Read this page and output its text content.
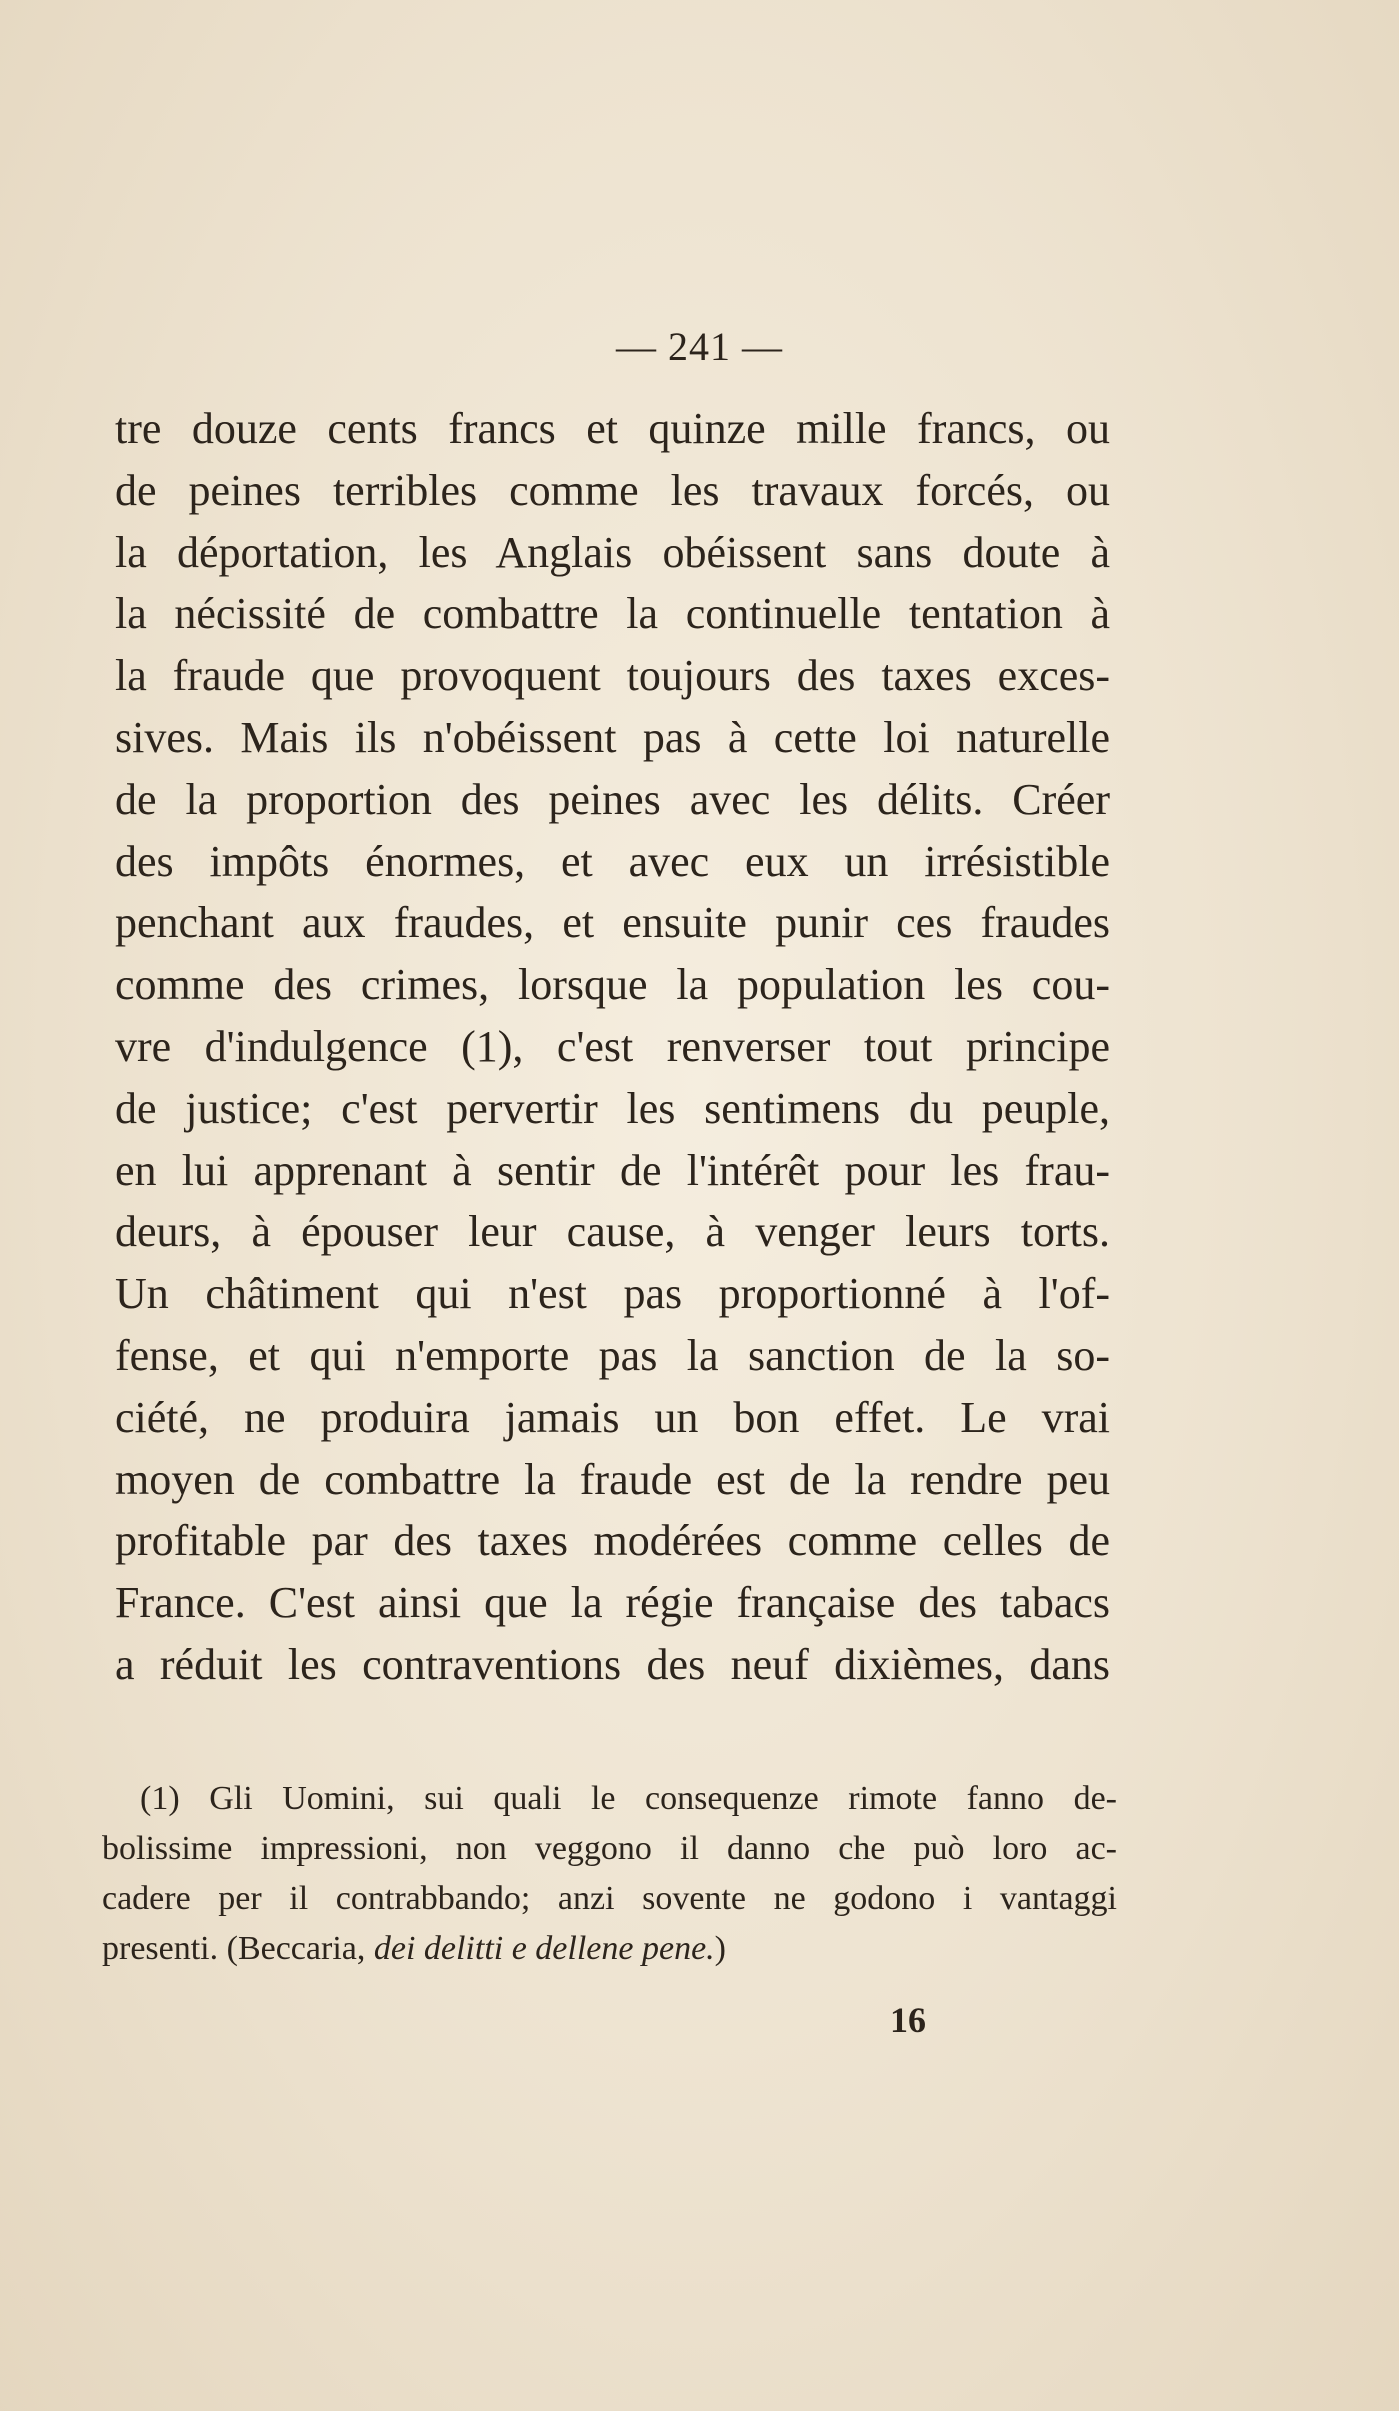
— 241 —
tre douze cents francs et quinze mille francs, ou
de peines terribles comme les travaux forcés, ou
la déportation, les Anglais obéissent sans doute à
la nécissité de combattre la continuelle tentation à
la fraude que provoquent toujours des taxes exces-
sives. Mais ils n'obéissent pas à cette loi naturelle
de la proportion des peines avec les délits. Créer
des impôts énormes, et avec eux un irrésistible
penchant aux fraudes, et ensuite punir ces fraudes
comme des crimes, lorsque la population les cou-
vre d'indulgence (1), c'est renverser tout principe
de justice; c'est pervertir les sentimens du peuple,
en lui apprenant à sentir de l'intérêt pour les frau-
deurs, à épouser leur cause, à venger leurs torts.
Un châtiment qui n'est pas proportionné à l'of-
fense, et qui n'emporte pas la sanction de la so-
ciété, ne produira jamais un bon effet. Le vrai
moyen de combattre la fraude est de la rendre peu
profitable par des taxes modérées comme celles de
France. C'est ainsi que la régie française des tabacs
a réduit les contraventions des neuf dixièmes, dans
(1) Gli Uomini, sui quali le consequenze rimote fanno de-
bolissime impressioni, non veggono il danno che può loro ac-
cadere per il contrabbando; anzi sovente ne godono i vantaggi
presenti. (Beccaria, dei delitti e dellene pene.)
16
